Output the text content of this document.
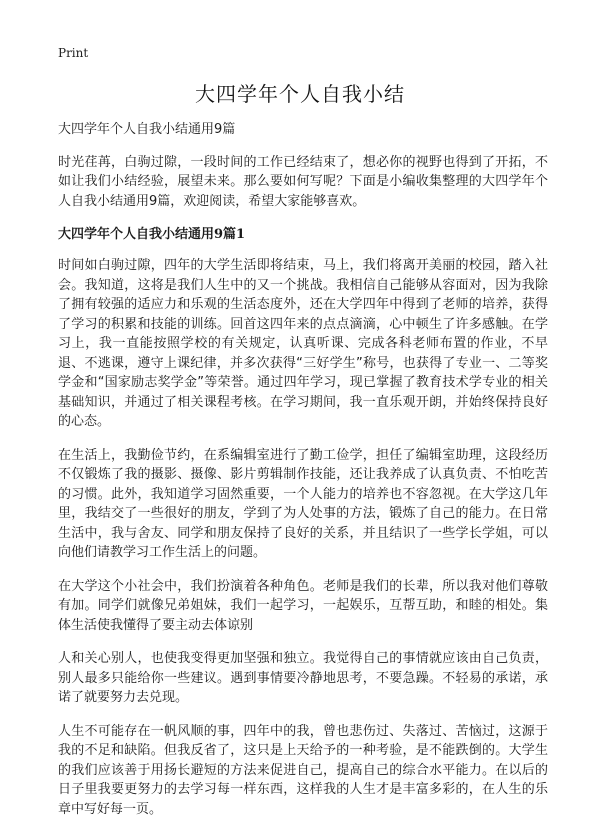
Print
大四学年个人自我小结

大四学年个人自我小结通用9篇

时光荏苒，白驹过隙，一段时间的工作已经结束了，想必你的视野也得到了开拓，不如让我们小结经验，展望未来。那么要如何写呢？下面是小编收集整理的大四学年个人自我小结通用9篇，欢迎阅读，希望大家能够喜欢。

大四学年个人自我小结通用9篇1

时间如白驹过隙，四年的大学生活即将结束，马上，我们将离开美丽的校园，踏入社会。我知道，这将是我们人生中的又一个挑战。我相信自己能够从容面对，因为我除了拥有较强的适应力和乐观的生活态度外，还在大学四年中得到了老师的培养，获得了学习的积累和技能的训练。回首这四年来的点点滴滴，心中顿生了许多感触。在学习上，我一直能按照学校的有关规定，认真听课、完成各科老师布置的作业，不早退、不逃课，遵守上课纪律，并多次获得“三好学生”称号，也获得了专业一、二等奖学金和“国家励志奖学金”等荣誉。通过四年学习，现已掌握了教育技术学专业的相关基础知识，并通过了相关课程考核。在学习期间，我一直乐观开朗，并始终保持良好的心态。

在生活上，我勤俭节约，在系编辑室进行了勤工俭学，担任了编辑室助理，这段经历不仅锻炼了我的摄影、摄像、影片剪辑制作技能，还让我养成了认真负责、不怕吃苦的习惯。此外，我知道学习固然重要，一个人能力的培养也不容忽视。在大学这几年里，我结交了一些很好的朋友，学到了为人处事的方法，锻炼了自己的能力。在日常生活中，我与舍友、同学和朋友保持了良好的关系，并且结识了一些学长学姐，可以向他们请教学习工作生活上的问题。

在大学这个小社会中，我们扮演着各种角色。老师是我们的长辈，所以我对他们尊敬有加。同学们就像兄弟姐妹，我们一起学习，一起娱乐，互帮互助，和睦的相处。集体生活使我懂得了要主动去体谅别

人和关心别人，也使我变得更加坚强和独立。我觉得自己的事情就应该由自己负责，别人最多只能给你一些建议。遇到事情要冷静地思考，不要急躁。不轻易的承诺，承诺了就要努力去兑现。

人生不可能存在一帆风顺的事，四年中的我，曾也悲伤过、失落过、苦恼过，这源于我的不足和缺陷。但我反省了，这只是上天给予的一种考验，是不能跌倒的。大学生的我们应该善于用扬长避短的方法来促进自己，提高自己的综合水平能力。在以后的日子里我要更努力的去学习每一样东西，这样我的人生才是丰富多彩的，在人生的乐章中写好每一页。
